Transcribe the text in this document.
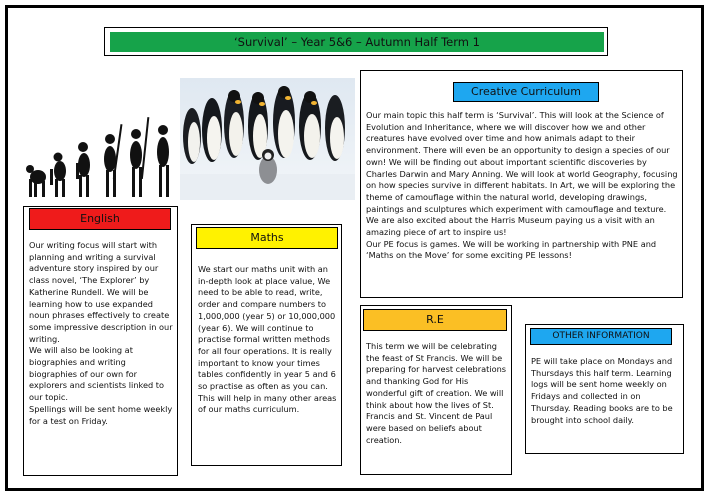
‘Survival’ – Year 5&6 – Autumn Half Term 1
Creative Curriculum

Our main topic this half term is ‘Survival’. This will look at the Science of Evolution and Inheritance, where we will discover how we and other creatures have evolved over time and how animals adapt to their environment. There will even be an opportunity to design a species of our own! We will be finding out about important scientific discoveries by Charles Darwin and Mary Anning. We will look at world Geography, focusing on how species survive in different habitats. In Art, we will be exploring the theme of camouflage within the natural world, developing drawings, paintings and sculptures which experiment with camouflage and texture. We are also excited about the Harris Museum paying us a visit with an amazing piece of art to inspire us!

Our PE focus is games. We will be working in partnership with PNE and ‘Maths on the Move’ for some exciting PE lessons!

English

Our writing focus will start with planning and writing a survival adventure story inspired by our class novel, ‘The Explorer’ by Katherine Rundell. We will be learning how to use expanded noun phrases effectively to create some impressive description in our writing.

We will also be looking at biographies and writing biographies of our own for explorers and scientists linked to our topic.

Spellings will be sent home weekly for a test on Friday.

Maths

We start our maths unit with an in-depth look at place value, We need to be able to read, write, order and compare numbers to 1,000,000 (year 5) or 10,000,000 (year 6). We will continue to practise formal written methods for all four operations. It is really important to know your times tables confidently in year 5 and 6 so practise as often as you can. This will help in many other areas of our maths curriculum.

R.E

This term we will be celebrating the feast of St Francis. We will be preparing for harvest celebrations and thanking God for His wonderful gift of creation. We will think about how the lives of St. Francis and St. Vincent de Paul were based on beliefs about creation.

OTHER INFORMATION

PE will take place on Mondays and Thursdays this half term. Learning logs will be sent home weekly on Fridays and collected in on Thursday. Reading books are to be brought into school daily.
